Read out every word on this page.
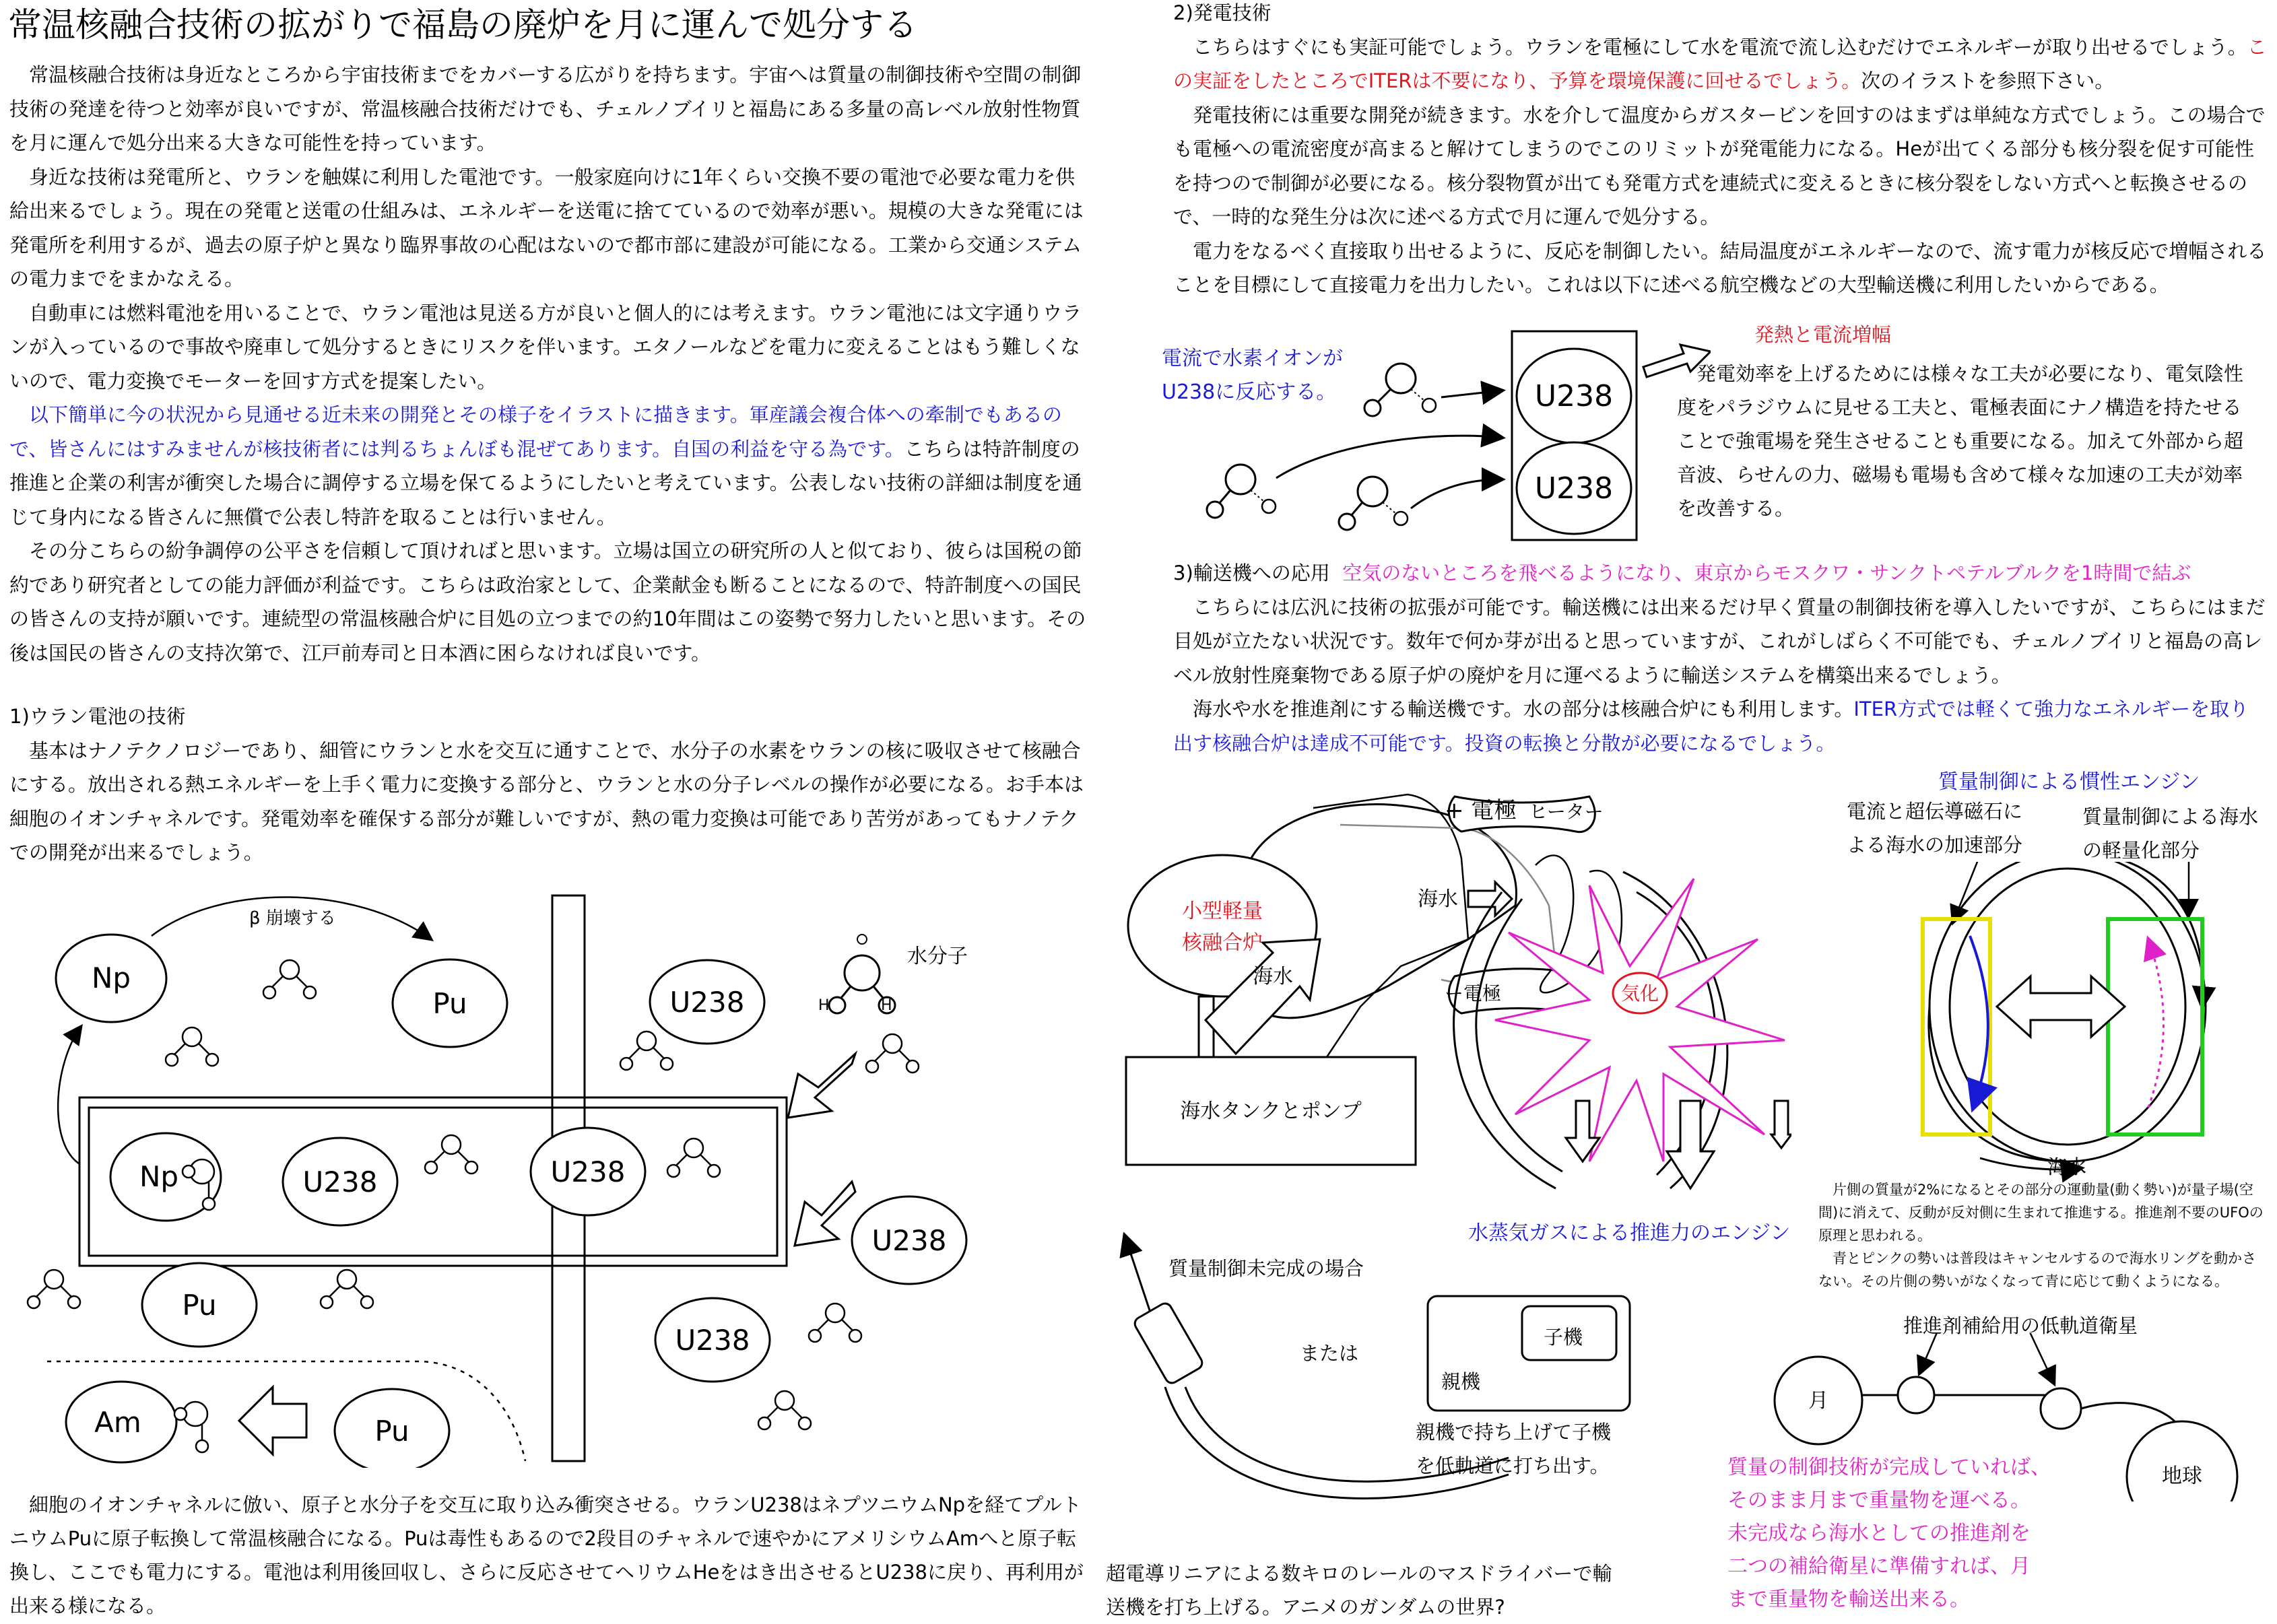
常温核融合技術の拡がりで福島の廃炉を月に運んで処分する

常温核融合技術は身近なところから宇宙技術までをカバーする広がりを持ちます。宇宙へは質量の制御技術や空間の制御技術の発達を待つと効率が良いですが、常温核融合技術だけでも、チェルノブイリと福島にある多量の高レベル放射性物質を月に運んで処分出来る大きな可能性を持っています。

身近な技術は発電所と、ウランを触媒に利用した電池です。一般家庭向けに1年くらい交換不要の電池で必要な電力を供給出来るでしょう。現在の発電と送電の仕組みは、エネルギーを送電に捨てているので効率が悪い。規模の大きな発電には発電所を利用するが、過去の原子炉と異なり臨界事故の心配はないので都市部に建設が可能になる。工業から交通システムの電力までをまかなえる。

自動車には燃料電池を用いることで、ウラン電池は見送る方が良いと個人的には考えます。ウラン電池には文字通りウランが入っているので事故や廃車して処分するときにリスクを伴います。エタノールなどを電力に変えることはもう難しくないので、電力変換でモーターを回す方式を提案したい。

以下簡単に今の状況から見通せる近未来の開発とその様子をイラストに描きます。軍産議会複合体への牽制でもあるので、皆さんにはすみませんが核技術者には判るちょんぼも混ぜてあります。自国の利益を守る為です。こちらは特許制度の推進と企業の利害が衝突した場合に調停する立場を保てるようにしたいと考えています。公表しない技術の詳細は制度を通じて身内になる皆さんに無償で公表し特許を取ることは行いません。

その分こちらの紛争調停の公平さを信頼して頂ければと思います。立場は国立の研究所の人と似ており、彼らは国税の節約であり研究者としての能力評価が利益です。こちらは政治家として、企業献金も断ることになるので、特許制度への国民の皆さんの支持が願いです。連続型の常温核融合炉に目処の立つまでの約10年間はこの姿勢で努力したいと思います。その後は国民の皆さんの支持次第で、江戸前寿司と日本酒に困らなければ良いです。

1)ウラン電池の技術

基本はナノテクノロジーであり、細管にウランと水を交互に通すことで、水分子の水素をウランの核に吸収させて核融合にする。放出される熱エネルギーを上手く電力に変換する部分と、ウランと水の分子レベルの操作が必要になる。お手本は細胞のイオンチャネルです。発電効率を確保する部分が難しいですが、熱の電力変換は可能であり苦労があってもナノテクでの開発が出来るでしょう。

Np
β 崩壊する
Pu	U238
水分子
H	H
Np	U238	U238
U238
U238
Pu
Am	Pu

細胞のイオンチャネルに倣い、原子と水分子を交互に取り込み衝突させる。ウランU238はネプツニウムNpを経てプルトニウムPuに原子転換して常温核融合になる。Puは毒性もあるので2段目のチャネルで速やかにアメリシウムAmへと原子転換し、ここでも電力にする。電池は利用後回収し、さらに反応させてヘリウムHeをはき出させるとU238に戻り、再利用が出来る様になる。

2)発電技術

こちらはすぐにも実証可能でしょう。ウランを電極にして水を電流で流し込むだけでエネルギーが取り出せるでしょう。この実証をしたところでITERは不要になり、予算を環境保護に回せるでしょう。次のイラストを参照下さい。

発電技術には重要な開発が続きます。水を介して温度からガスタービンを回すのはまずは単純な方式でしょう。この場合でも電極への電流密度が高まると解けてしまうのでこのリミットが発電能力になる。Heが出てくる部分も核分裂を促す可能性を持つので制御が必要になる。核分裂物質が出ても発電方式を連続式に変えるときに核分裂をしない方式へと転換させるので、一時的な発生分は次に述べる方式で月に運んで処分する。

電力をなるべく直接取り出せるように、反応を制御したい。結局温度がエネルギーなので、流す電力が核反応で増幅されることを目標にして直接電力を出力したい。これは以下に述べる航空機などの大型輸送機に利用したいからである。

電流で水素イオンが
U238に反応する。	U238
U238
発熱と電流増幅

発電効率を上げるためには様々な工夫が必要になり、電気陰性度をパラジウムに見せる工夫と、電極表面にナノ構造を持たせることで強電場を発生させることも重要になる。加えて外部から超音波、らせんの力、磁場も電場も含めて様々な加速の工夫が効率を改善する。

3)輸送機への応用 空気のないところを飛べるようになり、東京からモスクワ・サンクトペテルブルクを1時間で結ぶ

こちらには広汎に技術の拡張が可能です。輸送機には出来るだけ早く質量の制御技術を導入したいですが、こちらにはまだ目処が立たない状況です。数年で何か芽が出ると思っていますが、これがしばらく不可能でも、チェルノブイリと福島の高レベル放射性廃棄物である原子炉の廃炉を月に運べるように輸送システムを構築出来るでしょう。

海水や水を推進剤にする輸送機です。水の部分は核融合炉にも利用します。ITER方式では軽くて強力なエネルギーを取り出す核融合炉は達成不可能です。投資の転換と分散が必要になるでしょう。

小型軽量
核融合炉
海水タンクとポンプ
+ 電極 ヒーター
海水
ー電極
海水
気化
水蒸気ガスによる推進力のエンジン
質量制御による慣性エンジン
電流と超伝導磁石に
よる海水の加速部分
質量制御による海水
の軽量化部分
海水

片側の質量が2%になるとその部分の運動量(動く勢い)が量子場(空間)に消えて、反動が反対側に生まれて推進する。推進剤不要のUFOの原理と思われる。

青とピンクの勢いは普段はキャンセルするので海水リングを動かさない。その片側の勢いがなくなって青に応じて動くようになる。

質量制御未完成の場合
または
子機
親機
親機で持ち上げて子機
を低軌道に打ち出す。
超電導リニアによる数キロのレールのマスドライバーで輸
送機を打ち上げる。アニメのガンダムの世界?
推進剤補給用の低軌道衛星
月
地球
質量の制御技術が完成していれば、
そのまま月まで重量物を運べる。
未完成なら海水としての推進剤を
二つの補給衛星に準備すれば、月
まで重量物を輸送出来る。
